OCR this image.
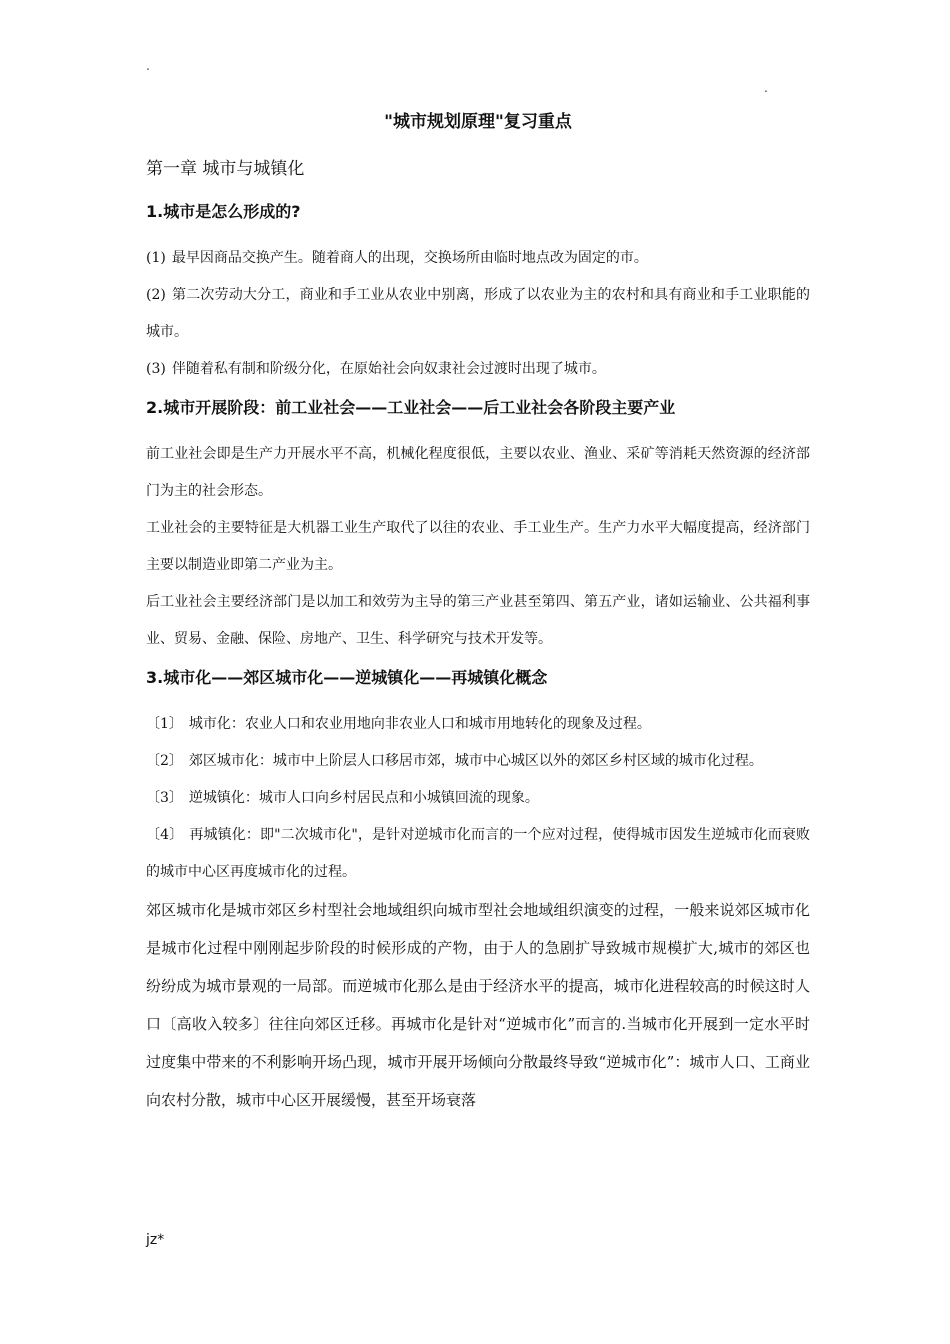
.
.
"城市规划原理"复习重点
第一章 城市与城镇化
1.城市是怎么形成的?

(1) 最早因商品交换产生。随着商人的出现，交换场所由临时地点改为固定的市。

(2) 第二次劳动大分工，商业和手工业从农业中别离，形成了以农业为主的农村和具有商业和手工业职能的城市。

(3) 伴随着私有制和阶级分化，在原始社会向奴隶社会过渡时出现了城市。

2.城市开展阶段：前工业社会——工业社会——后工业社会各阶段主要产业

前工业社会即是生产力开展水平不高，机械化程度很低，主要以农业、渔业、采矿等消耗天然资源的经济部门为主的社会形态。

工业社会的主要特征是大机器工业生产取代了以往的农业、手工业生产。生产力水平大幅度提高，经济部门主要以制造业即第二产业为主。

后工业社会主要经济部门是以加工和效劳为主导的第三产业甚至第四、第五产业，诸如运输业、公共福利事业、贸易、金融、保险、房地产、卫生、科学研究与技术开发等。

3.城市化——郊区城市化——逆城镇化——再城镇化概念

〔1〕 城市化：农业人口和农业用地向非农业人口和城市用地转化的现象及过程。

〔2〕 郊区城市化：城市中上阶层人口移居市郊，城市中心城区以外的郊区乡村区域的城市化过程。

〔3〕 逆城镇化：城市人口向乡村居民点和小城镇回流的现象。

〔4〕 再城镇化：即"二次城市化"，是针对逆城市化而言的一个应对过程，使得城市因发生逆城市化而衰败的城市中心区再度城市化的过程。

郊区城市化是城市郊区乡村型社会地域组织向城市型社会地域组织演变的过程，一般来说郊区城市化是城市化过程中刚刚起步阶段的时候形成的产物，由于人的急剧扩导致城市规模扩大,城市的郊区也纷纷成为城市景观的一局部。而逆城市化那么是由于经济水平的提高，城市化进程较高的时候这时人口〔高收入较多〕往往向郊区迁移。再城市化是针对“逆城市化”而言的.当城市化开展到一定水平时过度集中带来的不利影响开场凸现，城市开展开场倾向分散最终导致“逆城市化”：城市人口、工商业向农村分散，城市中心区开展缓慢，甚至开场衰落

jz*
